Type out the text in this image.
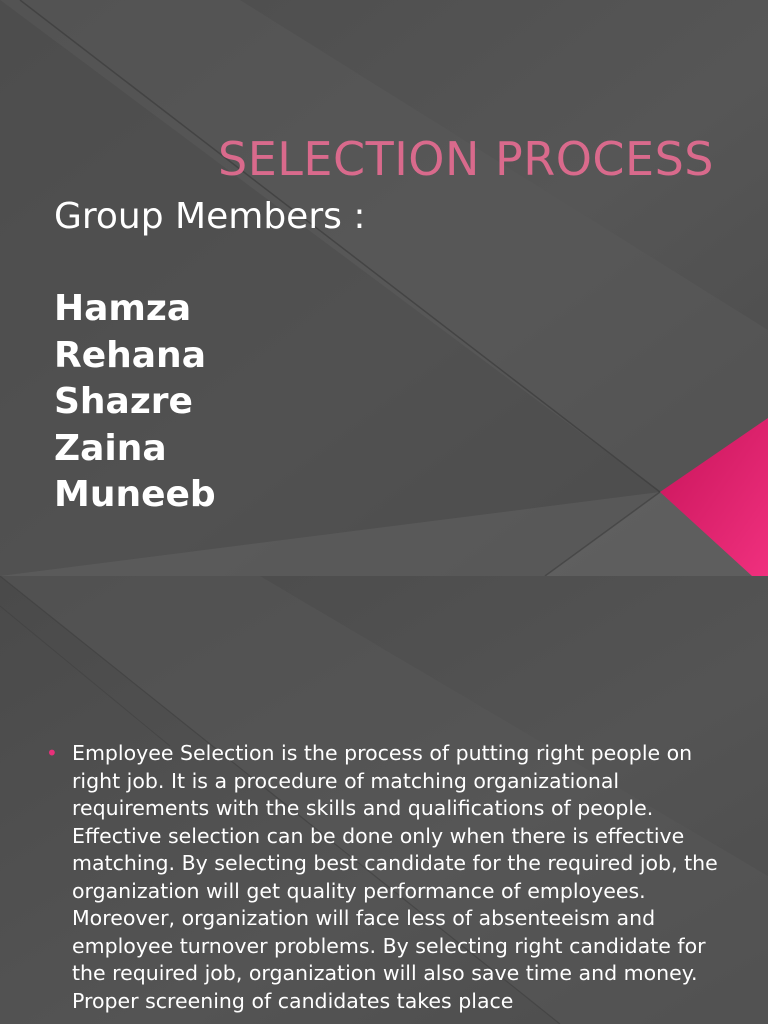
SELECTION PROCESS

Group Members :

Hamza
Rehana
Shazre
Zaina
Muneeb
• Employee Selection is the process of putting right people on right job. It is a procedure of matching organizational requirements with the skills and qualifications of people. Effective selection can be done only when there is effective matching. By selecting best candidate for the required job, the organization will get quality performance of employees. Moreover, organization will face less of absenteeism and employee turnover problems. By selecting right candidate for the required job, organization will also save time and money. Proper screening of candidates takes place
